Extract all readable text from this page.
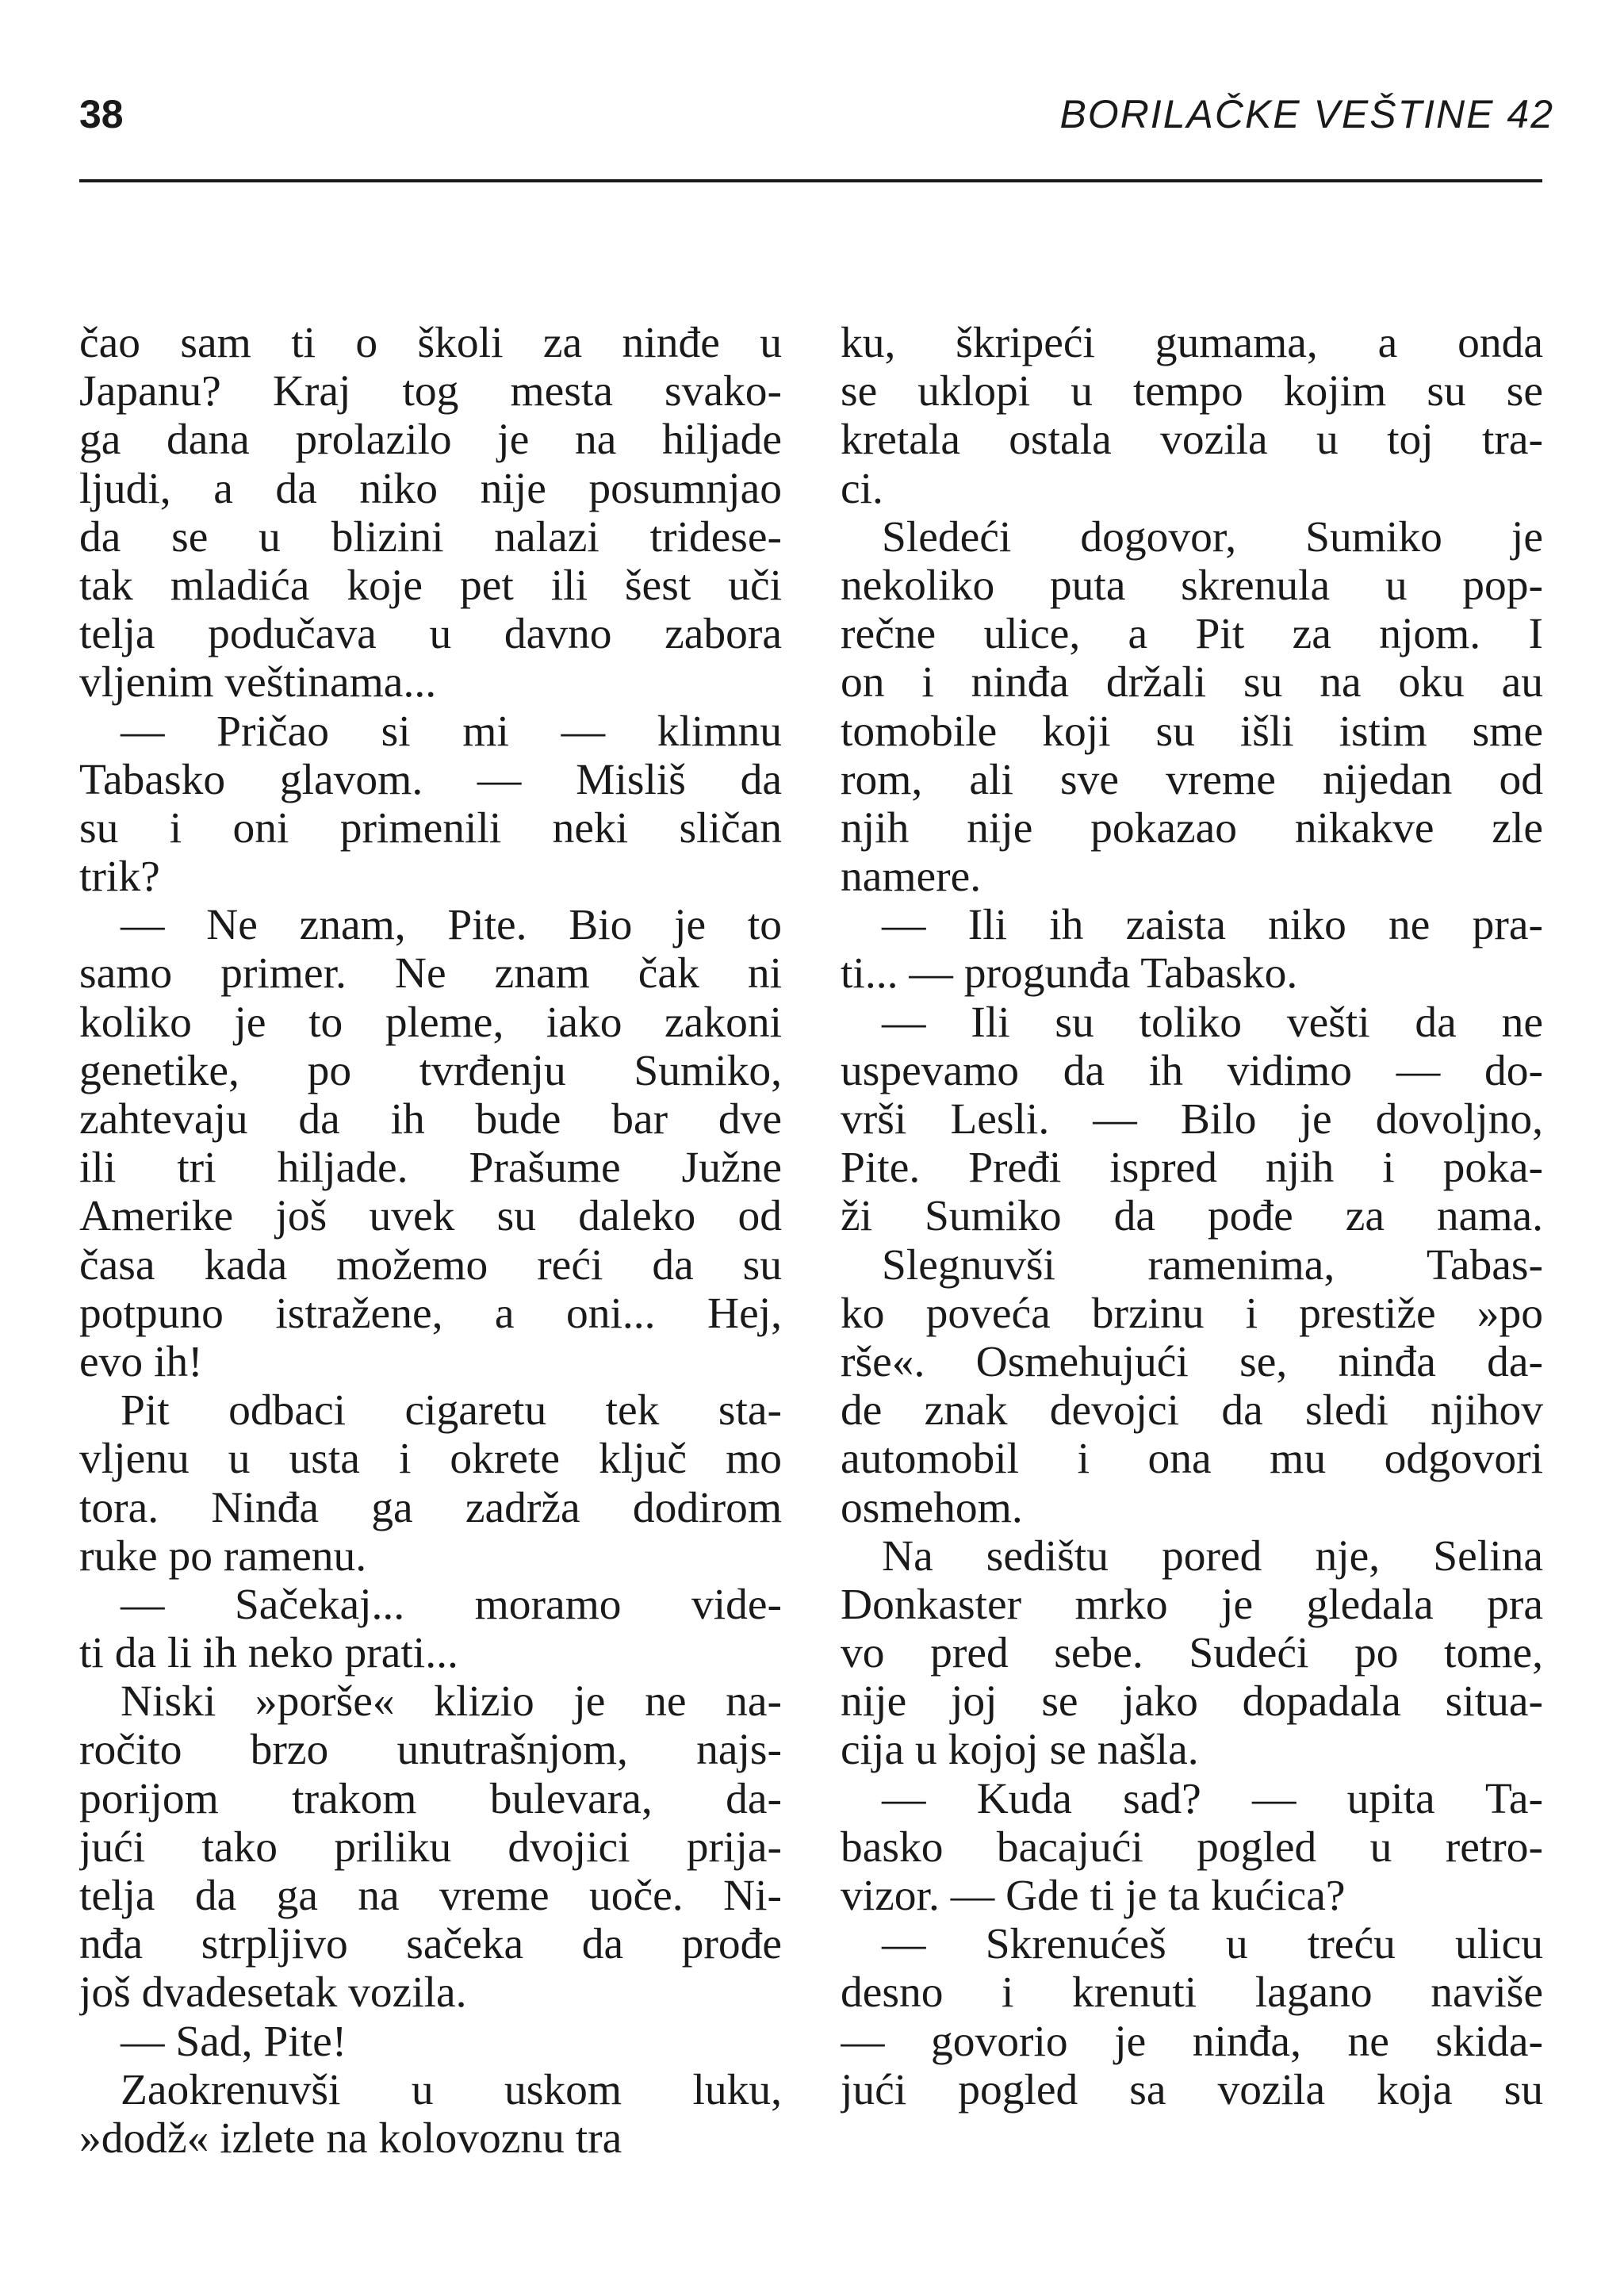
38	BORILAČKE VEŠTINE 42
čao sam ti o školi za ninđe u
Japanu? Kraj tog mesta svako-
ga dana prolazilo je na hiljade
ljudi, a da niko nije posumnjao
da se u blizini nalazi tridese-
tak mladića koje pet ili šest uči
telja podučava u davno zabora
vljenim veštinama...
— Pričao si mi — klimnu
Tabasko glavom. — Misliš da
su i oni primenili neki sličan
trik?
— Ne znam, Pite. Bio je to
samo primer. Ne znam čak ni
koliko je to pleme, iako zakoni
genetike, po tvrđenju Sumiko,
zahtevaju da ih bude bar dve
ili tri hiljade. Prašume Južne
Amerike još uvek su daleko od
časa kada možemo reći da su
potpuno istražene, a oni... Hej,
evo ih!
Pit odbaci cigaretu tek sta-
vljenu u usta i okrete ključ mo
tora. Ninđa ga zadrža dodirom
ruke po ramenu.
— Sačekaj... moramo vide-
ti da li ih neko prati...
Niski »porše« klizio je ne na-
ročito brzo unutrašnjom, najs-
porijom trakom bulevara, da-
jući tako priliku dvojici prija-
telja da ga na vreme uoče. Ni-
nđa strpljivo sačeka da prođe
još dvadesetak vozila.
— Sad, Pite!
Zaokrenuvši u uskom luku,
»dodž« izlete na kolovoznu tra
ku, škripeći gumama, a onda
se uklopi u tempo kojim su se
kretala ostala vozila u toj tra-
ci.
Sledeći dogovor, Sumiko je
nekoliko puta skrenula u pop-
rečne ulice, a Pit za njom. I
on i ninđa držali su na oku au
tomobile koji su išli istim sme
rom, ali sve vreme nijedan od
njih nije pokazao nikakve zle
namere.
— Ili ih zaista niko ne pra-
ti... — progunđa Tabasko.
— Ili su toliko vešti da ne
uspevamo da ih vidimo — do-
vrši Lesli. — Bilo je dovoljno,
Pite. Pređi ispred njih i poka-
ži Sumiko da pođe za nama.
Slegnuvši ramenima, Tabas-
ko poveća brzinu i prestiže »po
rše«. Osmehujući se, ninđa da-
de znak devojci da sledi njihov
automobil i ona mu odgovori
osmehom.
Na sedištu pored nje, Selina
Donkaster mrko je gledala pra
vo pred sebe. Sudeći po tome,
nije joj se jako dopadala situa-
cija u kojoj se našla.
— Kuda sad? — upita Ta-
basko bacajući pogled u retro-
vizor. — Gde ti je ta kućica?
— Skrenućeš u treću ulicu
desno i krenuti lagano naviše
— govorio je ninđa, ne skida-
jući pogled sa vozila koja su
